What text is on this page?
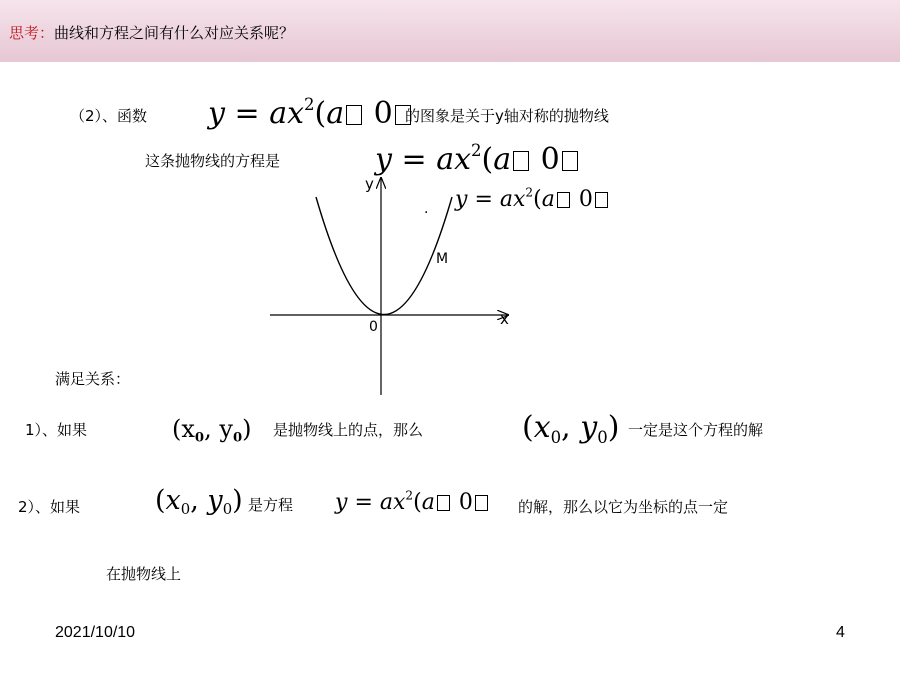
思考：曲线和方程之间有什么对应关系呢？
（2）、函数 $y = ax^2(a$ 0 的图象是关于y轴对称的抛物线
这条抛物线的方程是	$y = ax^2(a$ 0
y
x
0
M
. $y = ax^2(a$ 0
满足关系：
1）、如果	($x_0$, $y_0$) 是抛物线上的点，那么	($x_0$, $y_0$) 一定是这个方程的解
2）、如果	($x_0$, $y_0$) 是方程 $y = ax^2(a$ 0	的解，那么以它为坐标的点一定
在抛物线上
2021/10/10	4
